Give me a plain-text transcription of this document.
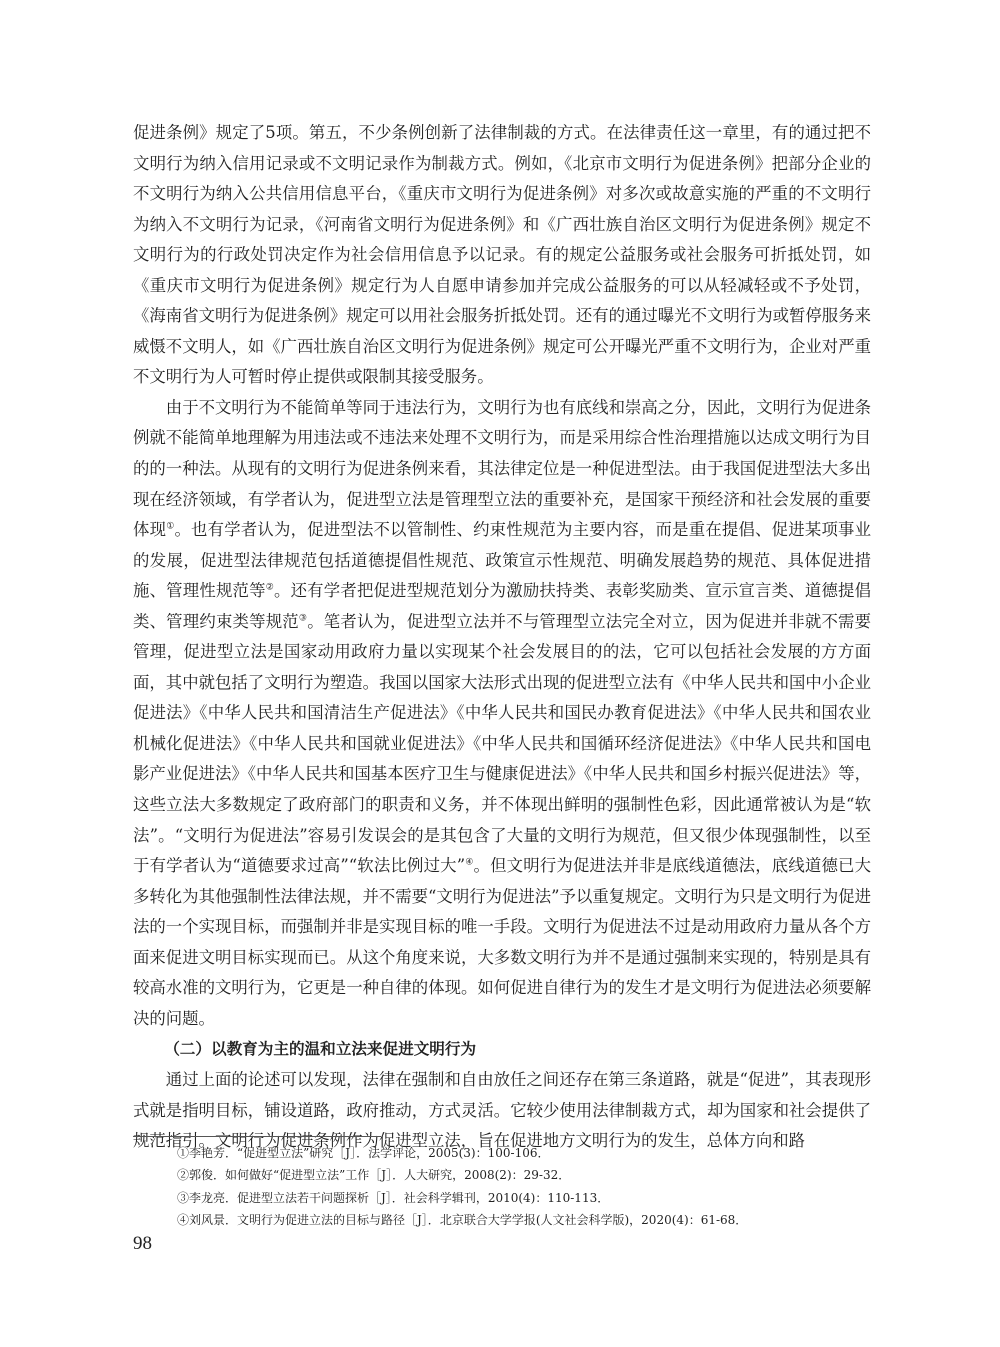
促进条例》规定了5项。第五，不少条例创新了法律制裁的方式。在法律责任这一章里，有的通过把不文明行为纳入信用记录或不文明记录作为制裁方式。例如，《北京市文明行为促进条例》把部分企业的不文明行为纳入公共信用信息平台，《重庆市文明行为促进条例》对多次或故意实施的严重的不文明行为纳入不文明行为记录，《河南省文明行为促进条例》和《广西壮族自治区文明行为促进条例》规定不文明行为的行政处罚决定作为社会信用信息予以记录。有的规定公益服务或社会服务可折抵处罚，如《重庆市文明行为促进条例》规定行为人自愿申请参加并完成公益服务的可以从轻减轻或不予处罚，《海南省文明行为促进条例》规定可以用社会服务折抵处罚。还有的通过曝光不文明行为或暂停服务来威慑不文明人，如《广西壮族自治区文明行为促进条例》规定可公开曝光严重不文明行为，企业对严重不文明行为人可暂时停止提供或限制其接受服务。

由于不文明行为不能简单等同于违法行为，文明行为也有底线和崇高之分，因此，文明行为促进条例就不能简单地理解为用违法或不违法来处理不文明行为，而是采用综合性治理措施以达成文明行为目的的一种法。从现有的文明行为促进条例来看，其法律定位是一种促进型法。由于我国促进型法大多出现在经济领域，有学者认为，促进型立法是管理型立法的重要补充，是国家干预经济和社会发展的重要体现①。也有学者认为，促进型法不以管制性、约束性规范为主要内容，而是重在提倡、促进某项事业的发展，促进型法律规范包括道德提倡性规范、政策宣示性规范、明确发展趋势的规范、具体促进措施、管理性规范等②。还有学者把促进型规范划分为激励扶持类、表彰奖励类、宣示宣言类、道德提倡类、管理约束类等规范③。笔者认为，促进型立法并不与管理型立法完全对立，因为促进并非就不需要管理，促进型立法是国家动用政府力量以实现某个社会发展目的的法，它可以包括社会发展的方方面面，其中就包括了文明行为塑造。我国以国家大法形式出现的促进型立法有《中华人民共和国中小企业促进法》《中华人民共和国清洁生产促进法》《中华人民共和国民办教育促进法》《中华人民共和国农业机械化促进法》《中华人民共和国就业促进法》《中华人民共和国循环经济促进法》《中华人民共和国电影产业促进法》《中华人民共和国基本医疗卫生与健康促进法》《中华人民共和国乡村振兴促进法》等，这些立法大多数规定了政府部门的职责和义务，并不体现出鲜明的强制性色彩，因此通常被认为是“软法”。“文明行为促进法”容易引发误会的是其包含了大量的文明行为规范，但又很少体现强制性，以至于有学者认为“道德要求过高”“软法比例过大”④。但文明行为促进法并非是底线道德法，底线道德已大多转化为其他强制性法律法规，并不需要“文明行为促进法”予以重复规定。文明行为只是文明行为促进法的一个实现目标，而强制并非是实现目标的唯一手段。文明行为促进法不过是动用政府力量从各个方面来促进文明目标实现而已。从这个角度来说，大多数文明行为并不是通过强制来实现的，特别是具有较高水准的文明行为，它更是一种自律的体现。如何促进自律行为的发生才是文明行为促进法必须要解决的问题。

（二）以教育为主的温和立法来促进文明行为

通过上面的论述可以发现，法律在强制和自由放任之间还存在第三条道路，就是“促进”，其表现形式就是指明目标，铺设道路，政府推动，方式灵活。它较少使用法律制裁方式，却为国家和社会提供了规范指引。文明行为促进条例作为促进型立法，旨在促进地方文明行为的发生，总体方向和路

①李艳芳．“促进型立法”研究［J］．法学评论，2005(3)：100-106．

②郭俊．如何做好“促进型立法”工作［J］．人大研究，2008(2)：29-32．

③李龙亮．促进型立法若干问题探析［J］．社会科学辑刊，2010(4)：110-113．

④刘风景．文明行为促进立法的目标与路径［J］．北京联合大学学报(人文社会科学版)，2020(4)：61-68．

98
